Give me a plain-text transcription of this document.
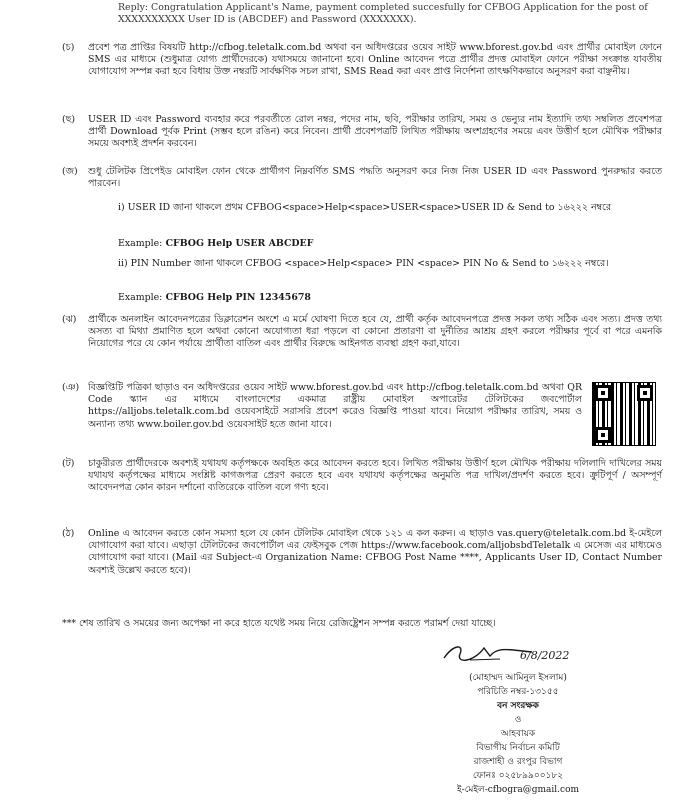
Reply: Congratulation Applicant's Name, payment completed succesfully for CFBOG Application for the post of XXXXXXXXXX User ID is (ABCDEF) and Password (XXXXXXX).
(চ)	প্রবেশ পত্র প্রাপ্তির বিষয়টি http://cfbog.teletalk.com.bd অথবা বন অধিদপ্তরের ওয়েব সাইট www.bforest.gov.bd এবং প্রার্থীর মোবাইল ফোনে SMS এর মাধ্যমে (শুধুমাত্র যোগ্য প্রার্থীদেরকে) যথাসময়ে জানানো হবে। Online আবেদন পত্রে প্রার্থীর প্রদত্ত মোবাইল ফোনে পরীক্ষা সংক্রান্ত যাবতীয় যোগাযোগ সম্পন্ন করা হবে বিধায় উক্ত নম্বরটি সার্বক্ষণিক সচল রাখা, SMS Read করা এবং প্রাপ্ত নির্দেশনা তাৎক্ষণিকভাবে অনুসরণ করা বাঞ্ছনীয়।
(ছ)	USER ID এবং Password ব্যবহার করে পরবর্তীতে রোল নম্বর, পদের নাম, ছবি, পরীক্ষার তারিখ, সময় ও ভেন্যুর নাম ইত্যাদি তথ্য সম্বলিত প্রবেশপত্র প্রার্থী Download পূর্বক Print (সম্ভব হলে রঙিন) করে নিবেন। প্রার্থী প্রবেশপত্রটি লিখিত পরীক্ষায় অংশগ্রহণের সময়ে এবং উত্তীর্ণ হলে মৌখিক পরীক্ষার সময়ে অবশ্যই প্রদর্শন করবেন।
(জ)	শুধু টেলিটক প্রিপেইড মোবাইল ফোন থেকে প্রার্থীগণ নিম্নবর্ণিত SMS পদ্ধতি অনুসরণ করে নিজ নিজ USER ID এবং Password পুনরুদ্ধার করতে পারবেন।
i) USER ID জানা থাকলে প্রথম CFBOG<space>Help<space>USER<space>USER ID & Send to ১৬২২২ নম্বরে
Example: CFBOG Help USER ABCDEF
ii) PIN Number জানা থাকলে CFBOG <space>Help<space> PIN <space> PIN No & Send to ১৬২২২ নম্বরে।
Example: CFBOG Help PIN 12345678
(ঝ)	প্রার্থীকে অনলাইন আবেদনপত্রের ডিক্লারেশন অংশে এ মর্মে ঘোষণা দিতে হবে যে, প্রার্থী কর্তৃক আবেদনপত্রে প্রদত্ত সকল তথ্য সঠিক এবং সত্য। প্রদত্ত তথ্য অসত্য বা মিথ্যা প্রমাণিত হলে অথবা কোনো অযোগ্যতা ধরা পড়লে বা কোনো প্রতারণা বা দুর্নীতির আশ্রয় গ্রহণ করলে পরীক্ষার পূর্বে বা পরে এমনকি নিয়োগের পরে যে কোন পর্যায়ে প্রার্থীতা বাতিল এবং প্রার্থীর বিরুদ্ধে আইনগত ব্যবস্থা গ্রহণ করা,যাবে।
(ঞ) বিজ্ঞপ্তিটি পত্রিকা ছাড়াও বন অধিদপ্তরের ওয়েব সাইট www.bforest.gov.bd এবং http://cfbog.teletalk.com.bd অথবা QR Code স্ক্যান এর মাধ্যমে বাংলাদেশের একমাত্র রাষ্ট্রীয় মোবাইল অপারেটর টেলিটকের জবপোর্টাল https://alljobs.teletalk.com.bd ওয়েবসাইটে সরাসরি প্রবেশ করেও বিজ্ঞপ্তি পাওয়া যাবে। নিয়োগ পরীক্ষার তারিখ, সময় ও অন্যান্য তথ্য www.boiler.gov.bd ওয়েবসাইট হতে জানা যাবে।
(ট)	চাকুরীরত প্রার্থীদেরকে অবশ্যই যথাযথ কর্তৃপক্ষকে অবহিত করে আবেদন করতে হবে। লিখিত পরীক্ষায় উত্তীর্ণ হলে মৌখিক পরীক্ষায় দলিলাদি দাখিলের সময় যথাযথ কর্তৃপক্ষের মাধ্যমে সংশ্লিষ্ট কাগজপত্র প্রেরণ করতে হবে এবং যথাযথ কর্তৃপক্ষের অনুমতি পত্র দাখিল/প্রদর্শণ করতে হবে। ক্রুটিপূর্ণ / অসম্পূর্ণ আবেদনপত্র কোন কারন দর্শানো ব্যতিরেকে বাতিল বলে গণ্য হবে।
(ঠ)	Online এ আবেদন করতে কোন সমস্যা হলে যে কোন টেলিটক মোবাইল থেকে ১২১ এ কল করুন। এ ছাড়াও vas.query@teletalk.com.bd ই-মেইলে যোগাযোগ করা যাবে। এছাড়া টেলিটকের জবপোর্টাল এর ফেইসবুক পেজ https://www.facebook.com/alljobsbdTeletalk এ মেসেজ এর মাধ্যমেও যোগাযোগ করা যাবে। (Mail এর Subject-এ Organization Name: CFBOG Post Name ****, Applicants User ID, Contact Number অবশ্যই উল্লেখ করতে হবে)।
*** শেষ তারিখ ও সময়ের জন্য অপেক্ষা না করে হাতে যথেষ্ট সময় নিয়ে রেজিষ্ট্রেশন সম্পন্ন করতে পরামর্শ দেয়া যাচ্ছে।
6/8/2022
(মোহাম্মদ আমিনুল ইসলাম)
পরিচিতি নম্বর-১৩১৫৫
বন সংরক্ষক
ও
আহবায়ক
বিভাগীয় নির্বাচন কমিটি
রাজশাহী ও রংপুর বিভাগ
ফোনঃ ০২৫৮৯৯০০১৮২
ই-মেইল-cfbogra@gmail.com
